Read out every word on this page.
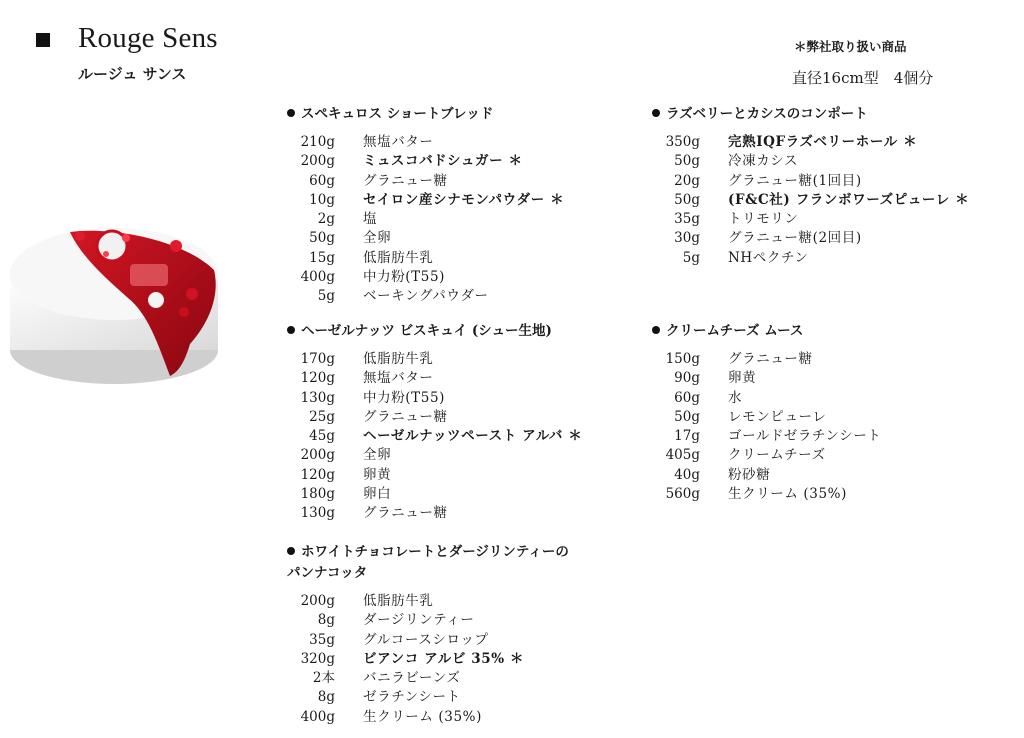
Rouge Sens
ルージュ サンス
＊弊社取り扱い商品
直径16cm型　4個分
スペキュロス ショートブレッド
210g 無塩バター
200g ミュスコバドシュガー ＊
60g グラニュー糖
10g セイロン産シナモンパウダー ＊
2g 塩
50g 全卵
15g 低脂肪牛乳
400g 中力粉(T55)
5g ベーキングパウダー
ヘーゼルナッツ ビスキュイ (シュー生地)
170g 低脂肪牛乳
120g 無塩バター
130g 中力粉(T55)
25g グラニュー糖
45g ヘーゼルナッツペースト アルバ ＊
200g 全卵
120g 卵黄
180g 卵白
130g グラニュー糖
ホワイトチョコレートとダージリンティーの
パンナコッタ
200g 低脂肪牛乳
8g ダージリンティー
35g グルコースシロップ
320g ビアンコ アルビ 35% ＊
2本 バニラビーンズ
8g ゼラチンシート
400g 生クリーム (35%)
ラズベリーとカシスのコンポート
350g 完熟IQFラズベリーホール ＊
50g 冷凍カシス
20g グラニュー糖(1回目)
50g (F&C社) フランボワーズピューレ ＊
35g トリモリン
30g グラニュー糖(2回目)
5g NHペクチン
クリームチーズ ムース
150g グラニュー糖
90g 卵黄
60g 水
50g レモンピューレ
17g ゴールドゼラチンシート
405g クリームチーズ
40g 粉砂糖
560g 生クリーム (35%)
